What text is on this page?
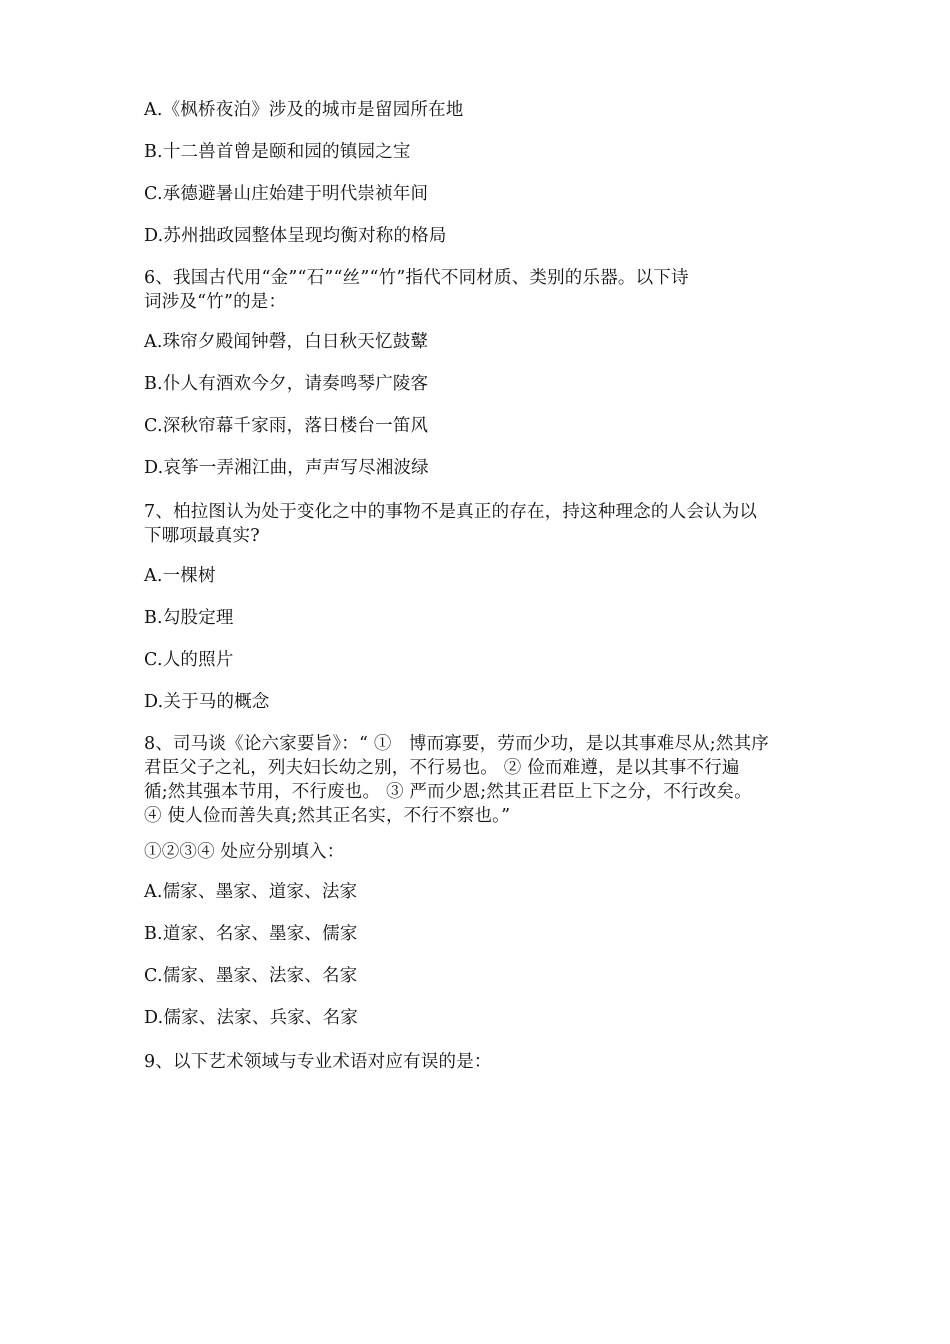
A.《枫桥夜泊》涉及的城市是留园所在地
B.十二兽首曾是颐和园的镇园之宝
C.承德避暑山庄始建于明代崇祯年间
D.苏州拙政园整体呈现均衡对称的格局
6、我国古代用“金”“石”“丝”“竹”指代不同材质、类别的乐器。以下诗
词涉及“竹”的是：
A.珠帘夕殿闻钟磬，白日秋天忆鼓鼙
B.仆人有酒欢今夕，请奏鸣琴广陵客
C.深秋帘幕千家雨，落日楼台一笛风
D.哀筝一弄湘江曲，声声写尽湘波绿
7、柏拉图认为处于变化之中的事物不是真正的存在，持这种理念的人会认为以
下哪项最真实?
A.一棵树
B.勾股定理
C.人的照片
D.关于马的概念
8、司马谈《论六家要旨》：“ ①   博而寡要，劳而少功，是以其事难尽从;然其序
君臣父子之礼，列夫妇长幼之别，不行易也。 ② 俭而难遵，是以其事不行遍
循;然其强本节用，不行废也。 ③ 严而少恩;然其正君臣上下之分，不行改矣。
④ 使人俭而善失真;然其正名实，不行不察也。”
①②③④ 处应分别填入：
A.儒家、墨家、道家、法家
B.道家、名家、墨家、儒家
C.儒家、墨家、法家、名家
D.儒家、法家、兵家、名家
9、以下艺术领域与专业术语对应有误的是：
